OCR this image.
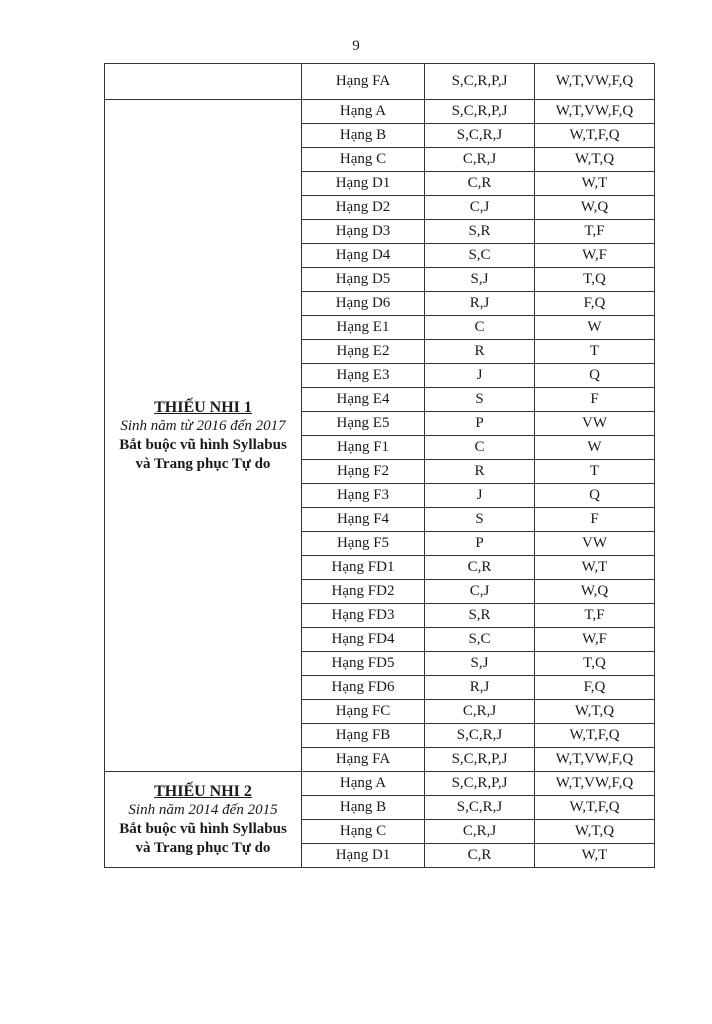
9
	Hạng FA	S,C,R,P,J	W,T,VW,F,Q

THIẾU NHI 1
Sinh năm từ 2016 đến 2017
Bắt buộc vũ hình Syllabus
và Trang phục Tự do	Hạng A	S,C,R,P,J	W,T,VW,F,Q
	Hạng B	S,C,R,J	W,T,F,Q
	Hạng C	C,R,J	W,T,Q
	Hạng D1	C,R	W,T
	Hạng D2	C,J	W,Q
	Hạng D3	S,R	T,F
	Hạng D4	S,C	W,F
	Hạng D5	S,J	T,Q
	Hạng D6	R,J	F,Q
	Hạng E1	C	W
	Hạng E2	R	T
	Hạng E3	J	Q
	Hạng E4	S	F
	Hạng E5	P	VW
	Hạng F1	C	W
	Hạng F2	R	T
	Hạng F3	J	Q
	Hạng F4	S	F
	Hạng F5	P	VW
	Hạng FD1	C,R	W,T
	Hạng FD2	C,J	W,Q
	Hạng FD3	S,R	T,F
	Hạng FD4	S,C	W,F
	Hạng FD5	S,J	T,Q
	Hạng FD6	R,J	F,Q
	Hạng FC	C,R,J	W,T,Q
	Hạng FB	S,C,R,J	W,T,F,Q
	Hạng FA	S,C,R,P,J	W,T,VW,F,Q

THIẾU NHI 2
Sinh năm 2014 đến 2015
Bắt buộc vũ hình Syllabus
và Trang phục Tự do	Hạng A	S,C,R,P,J	W,T,VW,F,Q
	Hạng B	S,C,R,J	W,T,F,Q
	Hạng C	C,R,J	W,T,Q
	Hạng D1	C,R	W,T
